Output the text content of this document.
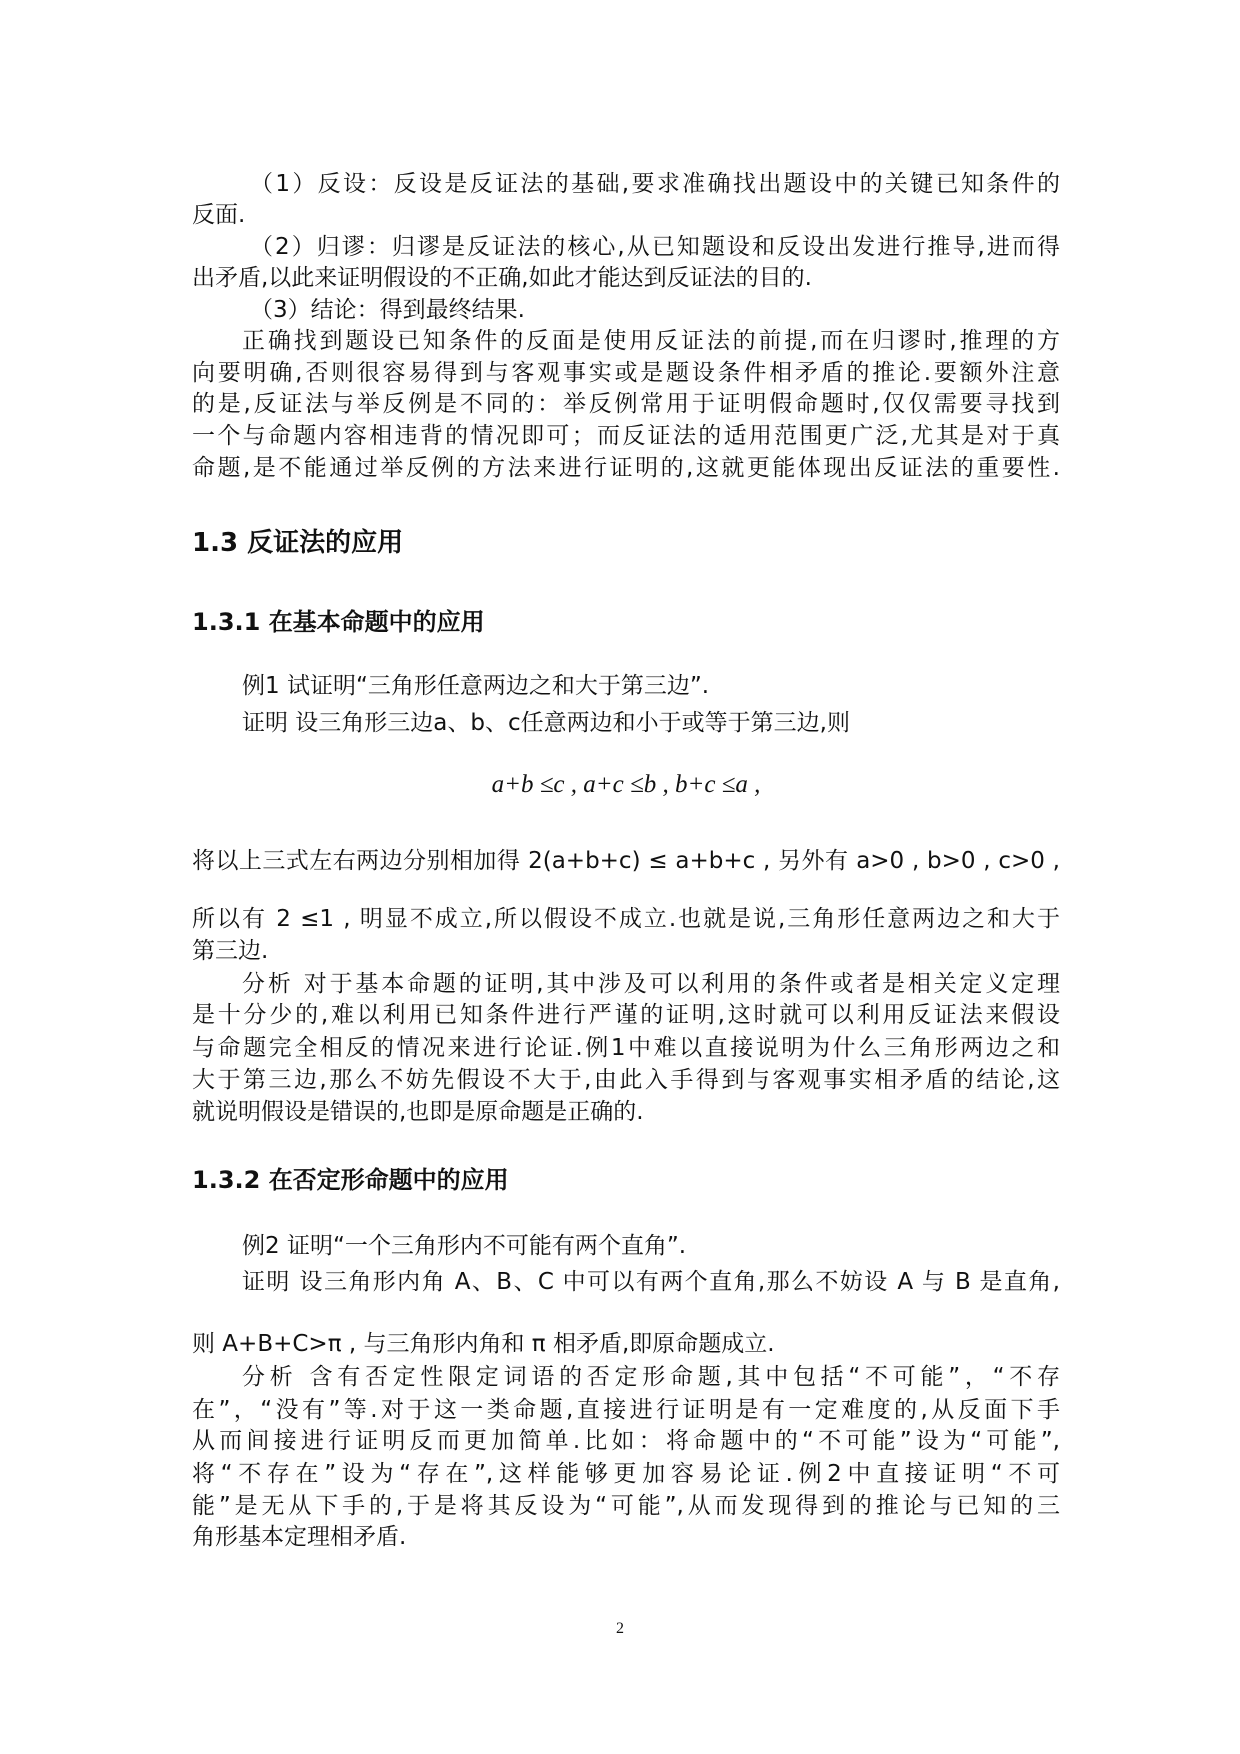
（1）反设：反设是反证法的基础,要求准确找出题设中的关键已知条件的
反面.
（2）归谬：归谬是反证法的核心,从已知题设和反设出发进行推导,进而得
出矛盾,以此来证明假设的不正确,如此才能达到反证法的目的.
（3）结论：得到最终结果.
正确找到题设已知条件的反面是使用反证法的前提,而在归谬时,推理的方
向要明确,否则很容易得到与客观事实或是题设条件相矛盾的推论.要额外注意
的是,反证法与举反例是不同的：举反例常用于证明假命题时,仅仅需要寻找到
一个与命题内容相违背的情况即可；而反证法的适用范围更广泛,尤其是对于真
命题,是不能通过举反例的方法来进行证明的,这就更能体现出反证法的重要性.
1.3 反证法的应用
1.3.1 在基本命题中的应用
例1 试证明“三角形任意两边之和大于第三边”.
证明 设三角形三边a、b、c任意两边和小于或等于第三边,则
a+b ≤c , a+c ≤b , b+c ≤a ,
将以上三式左右两边分别相加得 2(a+b+c) ≤ a+b+c , 另外有 a>0 , b>0 , c>0 ,
所以有 2 ≤1 , 明显不成立,所以假设不成立.也就是说,三角形任意两边之和大于
第三边.
分析 对于基本命题的证明,其中涉及可以利用的条件或者是相关定义定理
是十分少的,难以利用已知条件进行严谨的证明,这时就可以利用反证法来假设
与命题完全相反的情况来进行论证.例1中难以直接说明为什么三角形两边之和
大于第三边,那么不妨先假设不大于,由此入手得到与客观事实相矛盾的结论,这
就说明假设是错误的,也即是原命题是正确的.
1.3.2 在否定形命题中的应用
例2 证明“一个三角形内不可能有两个直角”.
证明 设三角形内角 A、B、C 中可以有两个直角,那么不妨设 A 与 B 是直角,
则 A+B+C>π , 与三角形内角和 π 相矛盾,即原命题成立.
分析 含有否定性限定词语的否定形命题,其中包括“不可能”，“不存
在”，“没有”等.对于这一类命题,直接进行证明是有一定难度的,从反面下手
从而间接进行证明反而更加简单.比如：将命题中的“不可能”设为“可能”,
将“不存在”设为“存在”,这样能够更加容易论证.例2中直接证明“不可
能”是无从下手的,于是将其反设为“可能”,从而发现得到的推论与已知的三
角形基本定理相矛盾.
2
